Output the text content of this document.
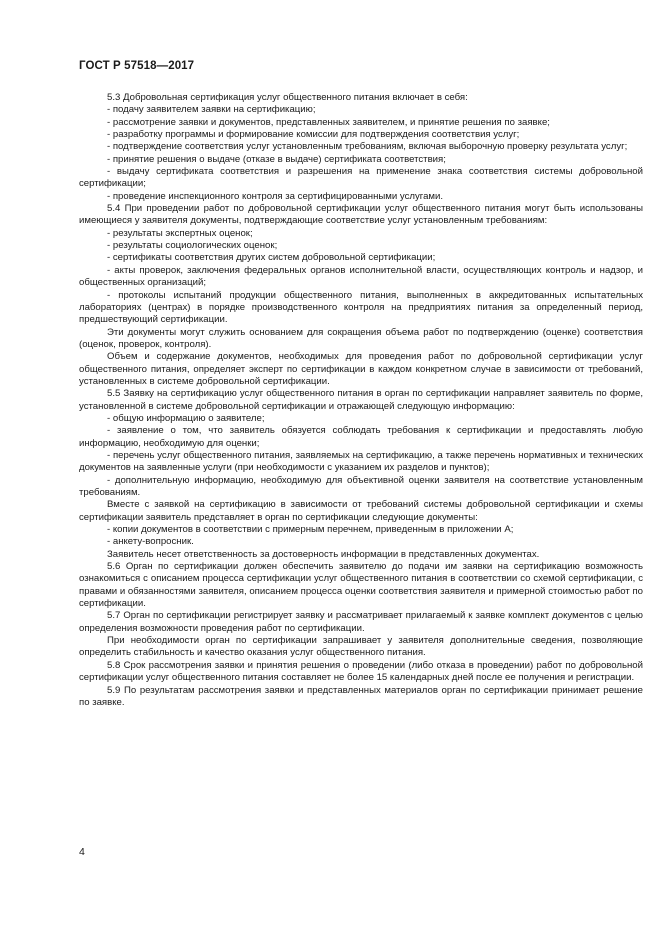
ГОСТ Р 57518—2017

5.3 Добровольная сертификация услуг общественного питания включает в себя:

- подачу заявителем заявки на сертификацию;

- рассмотрение заявки и документов, представленных заявителем, и принятие решения по заявке;

- разработку программы и формирование комиссии для подтверждения соответствия услуг;

- подтверждение соответствия услуг установленным требованиям, включая выборочную проверку результата услуг;

- принятие решения о выдаче (отказе в выдаче) сертификата соответствия;

- выдачу сертификата соответствия и разрешения на применение знака соответствия системы добровольной сертификации;

- проведение инспекционного контроля за сертифицированными услугами.

5.4 При проведении работ по добровольной сертификации услуг общественного питания могут быть использованы имеющиеся у заявителя документы, подтверждающие соответствие услуг установленным требованиям:

- результаты экспертных оценок;

- результаты социологических оценок;

- сертификаты соответствия других систем добровольной сертификации;

- акты проверок, заключения федеральных органов исполнительной власти, осуществляющих контроль и надзор, и общественных организаций;

- протоколы испытаний продукции общественного питания, выполненных в аккредитованных испытательных лабораториях (центрах) в порядке производственного контроля на предприятиях питания за определенный период, предшествующий сертификации.

Эти документы могут служить основанием для сокращения объема работ по подтверждению (оценке) соответствия (оценок, проверок, контроля).

Объем и содержание документов, необходимых для проведения работ по добровольной сертификации услуг общественного питания, определяет эксперт по сертификации в каждом конкретном случае в зависимости от требований, установленных в системе добровольной сертификации.

5.5 Заявку на сертификацию услуг общественного питания в орган по сертификации направляет заявитель по форме, установленной в системе добровольной сертификации и отражающей следующую информацию:

- общую информацию о заявителе;

- заявление о том, что заявитель обязуется соблюдать требования к сертификации и предоставлять любую информацию, необходимую для оценки;

- перечень услуг общественного питания, заявляемых на сертификацию, а также перечень нормативных и технических документов на заявленные услуги (при необходимости с указанием их разделов и пунктов);

- дополнительную информацию, необходимую для объективной оценки заявителя на соответствие установленным требованиям.

Вместе с заявкой на сертификацию в зависимости от требований системы добровольной сертификации и схемы сертификации заявитель представляет в орган по сертификации следующие документы:

- копии документов в соответствии с примерным перечнем, приведенным в приложении А;

- анкету-вопросник.

Заявитель несет ответственность за достоверность информации в представленных документах.

5.6 Орган по сертификации должен обеспечить заявителю до подачи им заявки на сертификацию возможность ознакомиться с описанием процесса сертификации услуг общественного питания в соответствии со схемой сертификации, с правами и обязанностями заявителя, описанием процесса оценки соответствия заявителя и примерной стоимостью работ по сертификации.

5.7 Орган по сертификации регистрирует заявку и рассматривает прилагаемый к заявке комплект документов с целью определения возможности проведения работ по сертификации.

При необходимости орган по сертификации запрашивает у заявителя дополнительные сведения, позволяющие определить стабильность и качество оказания услуг общественного питания.

5.8 Срок рассмотрения заявки и принятия решения о проведении (либо отказа в проведении) работ по добровольной сертификации услуг общественного питания составляет не более 15 календарных дней после ее получения и регистрации.

5.9 По результатам рассмотрения заявки и представленных материалов орган по сертификации принимает решение по заявке.

4
